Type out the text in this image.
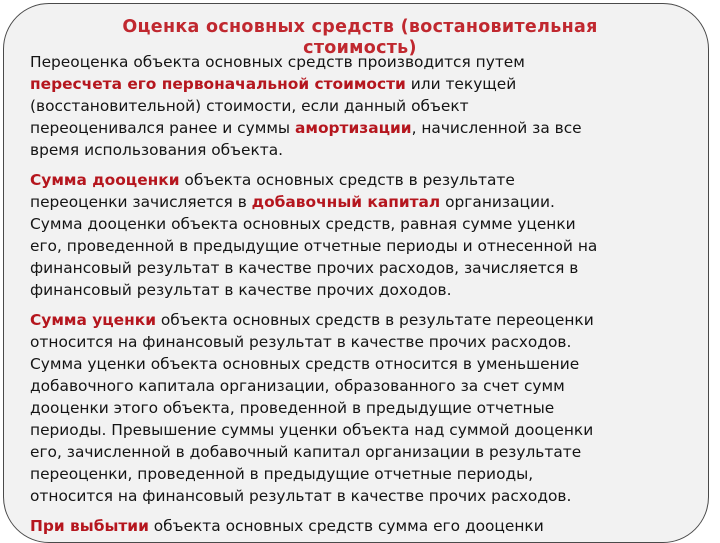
Оценка основных средств (востановительная
стоимость)
Переоценка объекта основных средств производится путем
пересчета его первоначальной стоимости или текущей
(восстановительной) стоимости, если данный объект
переоценивался ранее и суммы амортизации, начисленной за все
время использования объекта.
Сумма дооценки объекта основных средств в результате
переоценки зачисляется в добавочный капитал организации.
Сумма дооценки объекта основных средств, равная сумме уценки
его, проведенной в предыдущие отчетные периоды и отнесенной на
финансовый результат в качестве прочих расходов, зачисляется в
финансовый результат в качестве прочих доходов.
Сумма уценки объекта основных средств в результате переоценки
относится на финансовый результат в качестве прочих расходов.
Сумма уценки объекта основных средств относится в уменьшение
добавочного капитала организации, образованного за счет сумм
дооценки этого объекта, проведенной в предыдущие отчетные
периоды. Превышение суммы уценки объекта над суммой дооценки
его, зачисленной в добавочный капитал организации в результате
переоценки, проведенной в предыдущие отчетные периоды,
относится на финансовый результат в качестве прочих расходов.
При выбытии объекта основных средств сумма его дооценки
